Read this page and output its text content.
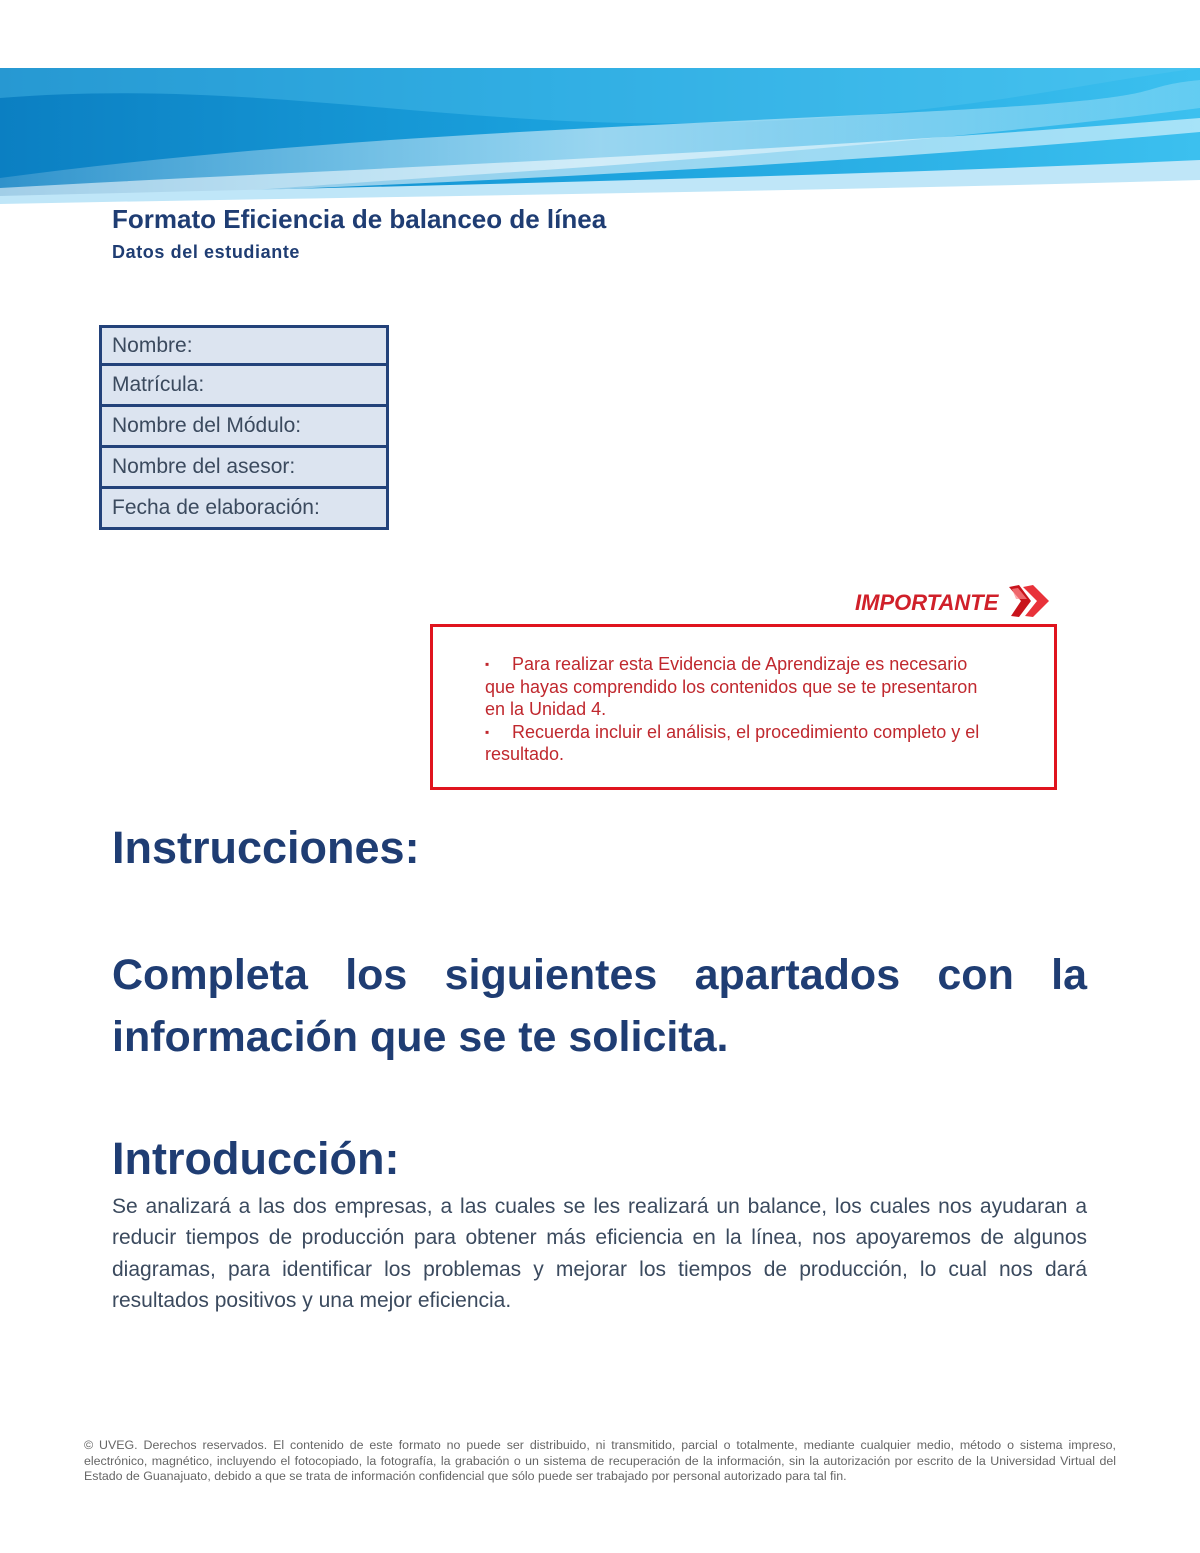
Formato Eficiencia de balanceo de línea
Datos del estudiante
Nombre:
Matrícula:
Nombre del Módulo:
Nombre del asesor:
Fecha de elaboración:
IMPORTANTE
▪ Para realizar esta Evidencia de Aprendizaje es necesario que hayas comprendido los contenidos que se te presentaron en la Unidad 4.
▪ Recuerda incluir el análisis, el procedimiento completo y el resultado.
Instrucciones:

Completa los siguientes apartados con la información que se te solicita.

Introducción:

Se analizará a las dos empresas, a las cuales se les realizará un balance, los cuales nos ayudaran a reducir tiempos de producción para obtener más eficiencia en la línea, nos apoyaremos de algunos diagramas, para identificar los problemas y mejorar los tiempos de producción, lo cual nos dará resultados positivos y una mejor eficiencia.

© UVEG. Derechos reservados. El contenido de este formato no puede ser distribuido, ni transmitido, parcial o totalmente, mediante cualquier medio, método o sistema impreso, electrónico, magnético, incluyendo el fotocopiado, la fotografía, la grabación o un sistema de recuperación de la información, sin la autorización por escrito de la Universidad Virtual del Estado de Guanajuato, debido a que se trata de información confidencial que sólo puede ser trabajado por personal autorizado para tal fin.
